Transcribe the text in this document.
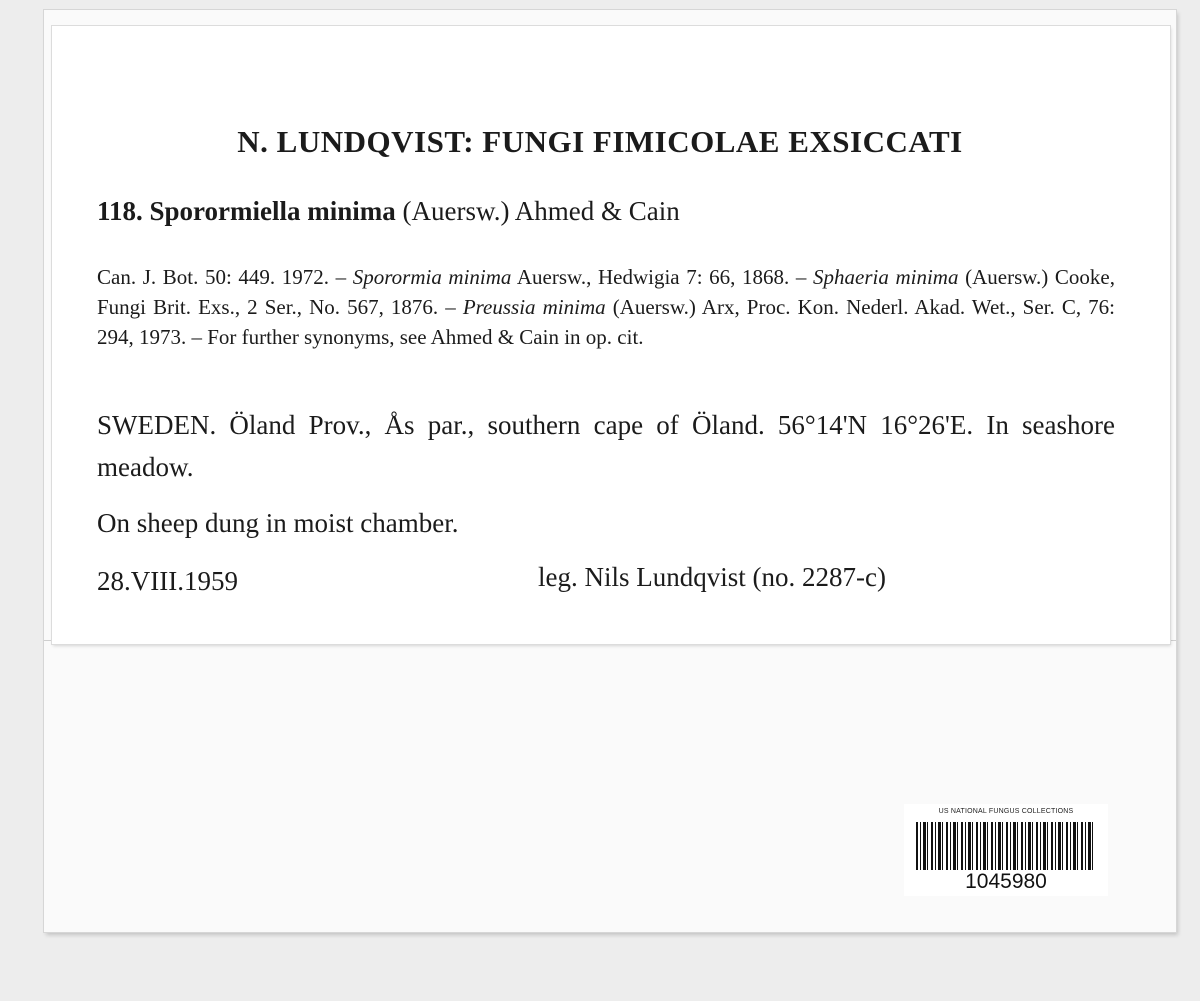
N. LUNDQVIST: FUNGI FIMICOLAE EXSICCATI
118. Sporormiella minima (Auersw.) Ahmed & Cain
Can. J. Bot. 50: 449. 1972. – Sporormia minima Auersw., Hedwigia 7: 66, 1868. – Sphaeria minima (Auersw.) Cooke, Fungi Brit. Exs., 2 Ser., No. 567, 1876. – Preussia minima (Auersw.) Arx, Proc. Kon. Nederl. Akad. Wet., Ser. C, 76: 294, 1973. – For further synonyms, see Ahmed & Cain in op. cit.
SWEDEN. Öland Prov., Ås par., southern cape of Öland. 56°14'N 16°26'E. In seashore meadow.
On sheep dung in moist chamber.
28.VIII.1959	leg. Nils Lundqvist (no. 2287-c)
US NATIONAL FUNGUS COLLECTIONS
1045980
